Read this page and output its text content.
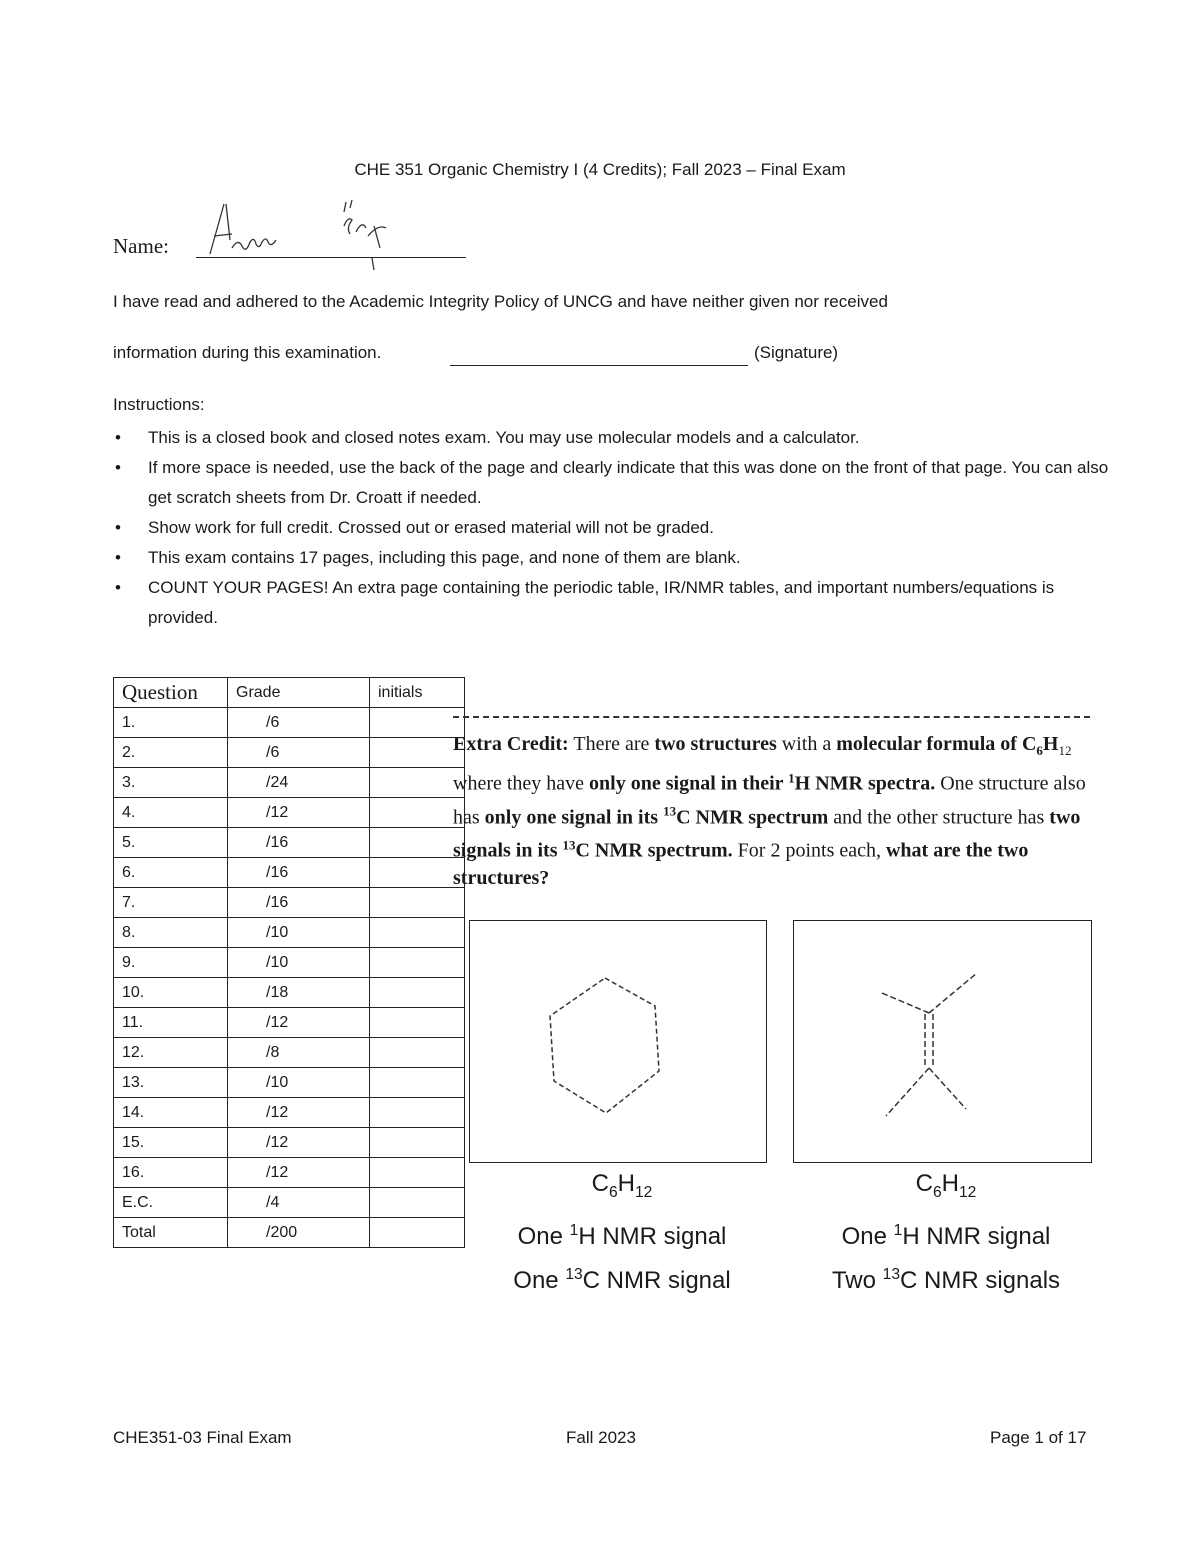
CHE 351 Organic Chemistry I (4 Credits); Fall 2023 – Final Exam
Name:
I have read and adhered to the Academic Integrity Policy of UNCG and have neither given nor received
information during this examination.	(Signature)
Instructions:
• This is a closed book and closed notes exam. You may use molecular models and a calculator.
• If more space is needed, use the back of the page and clearly indicate that this was done on the front of that page. You can also get scratch sheets from Dr. Croatt if needed.
• Show work for full credit. Crossed out or erased material will not be graded.
• This exam contains 17 pages, including this page, and none of them are blank.
• COUNT YOUR PAGES! An extra page containing the periodic table, IR/NMR tables, and important numbers/equations is provided.
Question	Grade	initials
1.	/6	
2.	/6	
3.	/24	
4.	/12	
5.	/16	
6.	/16	
7.	/16	
8.	/10	
9.	/10	
10.	/18	
11.	/12	
12.	/8	
13.	/10	
14.	/12	
15.	/12	
16.	/12	
E.C.	/4	
Total	/200	
Extra Credit: There are two structures with a molecular formula of $C_6H_{12}$ where they have only one signal in their $^1$H NMR spectra. One structure also has only one signal in its $^{13}$C NMR spectrum and the other structure has two signals in its $^{13}$C NMR spectrum. For 2 points each, what are the two structures?
$C_6H_{12}$
One $^1$H NMR signal
One $^{13}$C NMR signal
$C_6H_{12}$
One $^1$H NMR signal
Two $^{13}$C NMR signals
CHE351-03 Final Exam	Fall 2023	Page 1 of 17
